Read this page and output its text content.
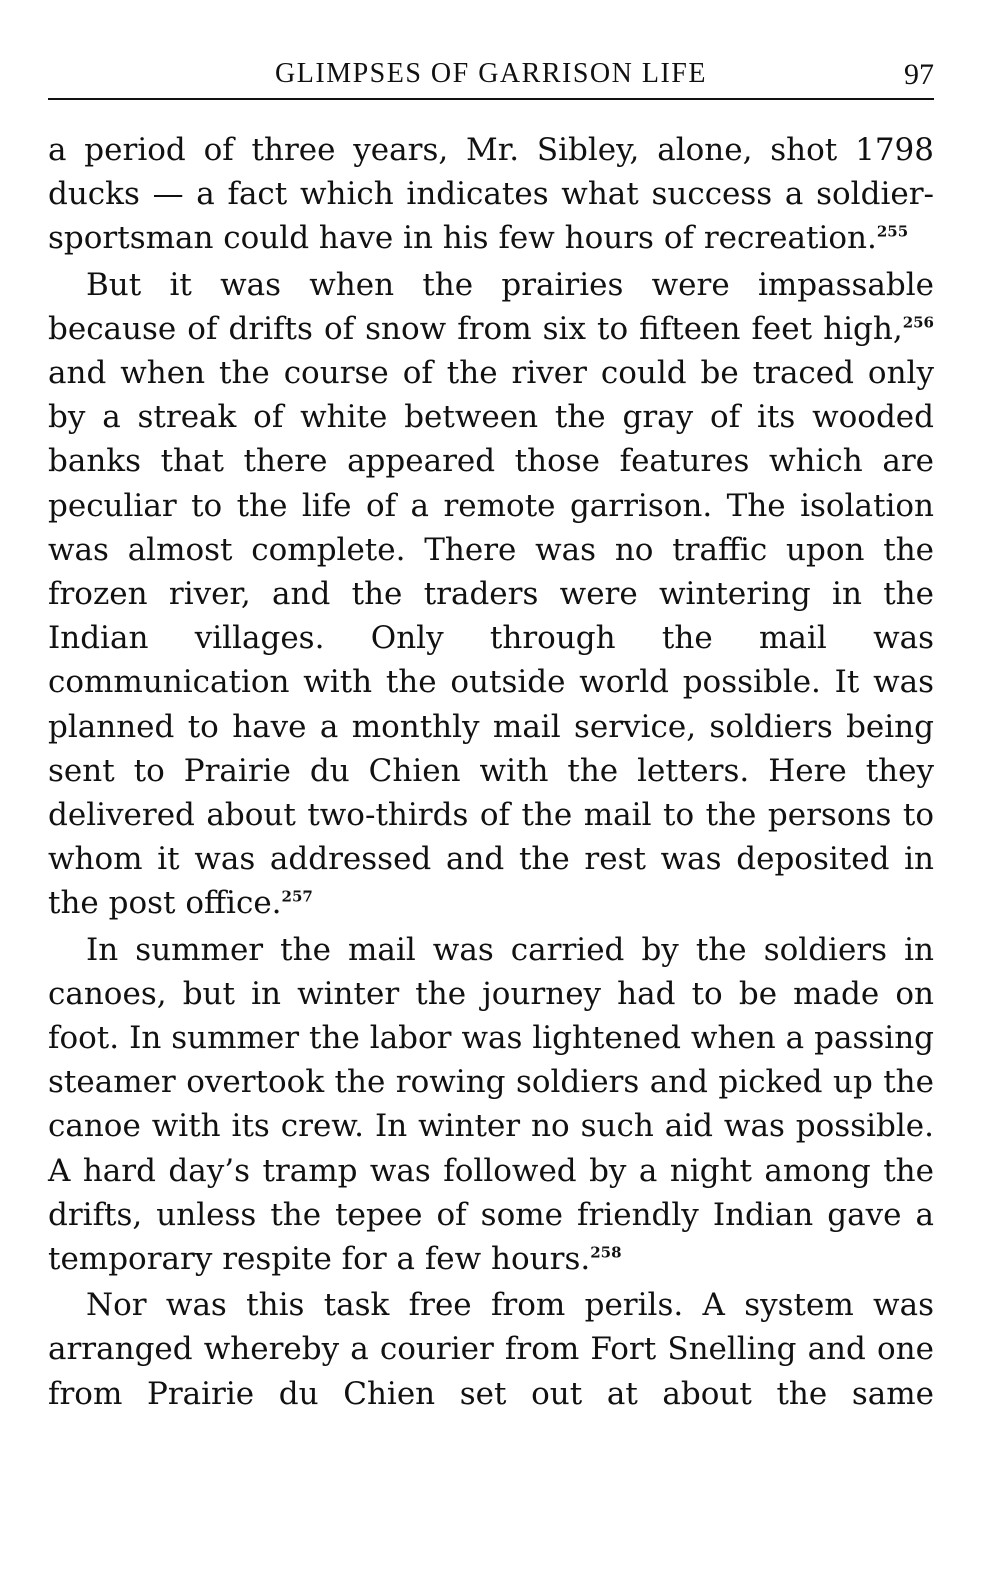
GLIMPSES OF GARRISON LIFE	97

a period of three years, Mr. Sibley, alone, shot 1798 ducks — a fact which indicates what success a soldier-sportsman could have in his few hours of recreation.$^{255}$

But it was when the prairies were impassable because of drifts of snow from six to fifteen feet high,$^{256}$ and when the course of the river could be traced only by a streak of white between the gray of its wooded banks that there appeared those features which are peculiar to the life of a remote garrison. The isolation was almost complete. There was no traffic upon the frozen river, and the traders were wintering in the Indian villages. Only through the mail was communication with the outside world possible. It was planned to have a monthly mail service, soldiers being sent to Prairie du Chien with the letters. Here they delivered about two-thirds of the mail to the persons to whom it was addressed and the rest was deposited in the post office.$^{257}$

In summer the mail was carried by the soldiers in canoes, but in winter the journey had to be made on foot. In summer the labor was lightened when a passing steamer overtook the rowing soldiers and picked up the canoe with its crew. In winter no such aid was possible. A hard day’s tramp was followed by a night among the drifts, unless the tepee of some friendly Indian gave a temporary respite for a few hours.$^{258}$

Nor was this task free from perils. A system was arranged whereby a courier from Fort Snelling and one from Prairie du Chien set out at about the same
